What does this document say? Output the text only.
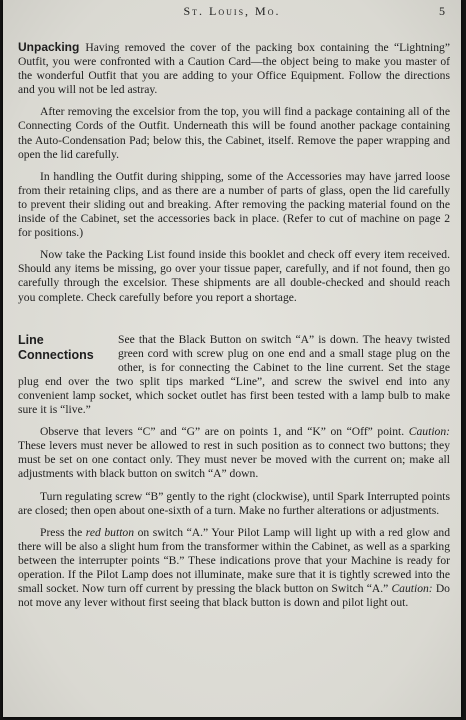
St. Louis, Mo.	5

Unpacking Having removed the cover of the packing box containing the “Lightning” Outfit, you were confronted with a Caution Card—the object being to make you master of the wonderful Outfit that you are adding to your Office Equipment. Follow the directions and you will not be led astray.

After removing the excelsior from the top, you will find a package containing all of the Connecting Cords of the Outfit. Underneath this will be found another package containing the Auto-Condensation Pad; below this, the Cabinet, itself. Remove the paper wrapping and open the lid carefully.

In handling the Outfit during shipping, some of the Accessories may have jarred loose from their retaining clips, and as there are a number of parts of glass, open the lid carefully to prevent their sliding out and breaking. After removing the packing material found on the inside of the Cabinet, set the accessories back in place. (Refer to cut of machine on page 2 for positions.)

Now take the Packing List found inside this booklet and check off every item received. Should any items be missing, go over your tissue paper, carefully, and if not found, then go carefully through the excelsior. These shipments are all double-checked and should reach you complete. Check carefully before you report a shortage.

Line
Connections

See that the Black Button on switch “A” is down. The heavy twisted green cord with screw plug on one end and a small stage plug on the other, is for connecting the Cabinet to the line current. Set the stage plug end over the two split tips marked “Line”, and screw the swivel end into any convenient lamp socket, which socket outlet has first been tested with a lamp bulb to make sure it is “live.”

Observe that levers “C” and “G” are on points 1, and “K” on “Off” point. Caution: These levers must never be allowed to rest in such position as to connect two buttons; they must be set on one contact only. They must never be moved with the current on; make all adjustments with black button on switch “A” down.

Turn regulating screw “B” gently to the right (clockwise), until Spark Interrupted points are closed; then open about one-sixth of a turn. Make no further alterations or adjustments.

Press the red button on switch “A.” Your Pilot Lamp will light up with a red glow and there will be also a slight hum from the transformer within the Cabinet, as well as a sparking between the interrupter points “B.” These indications prove that your Machine is ready for operation. If the Pilot Lamp does not illuminate, make sure that it is tightly screwed into the small socket. Now turn off current by pressing the black button on Switch “A.” Caution: Do not move any lever without first seeing that black button is down and pilot light out.
